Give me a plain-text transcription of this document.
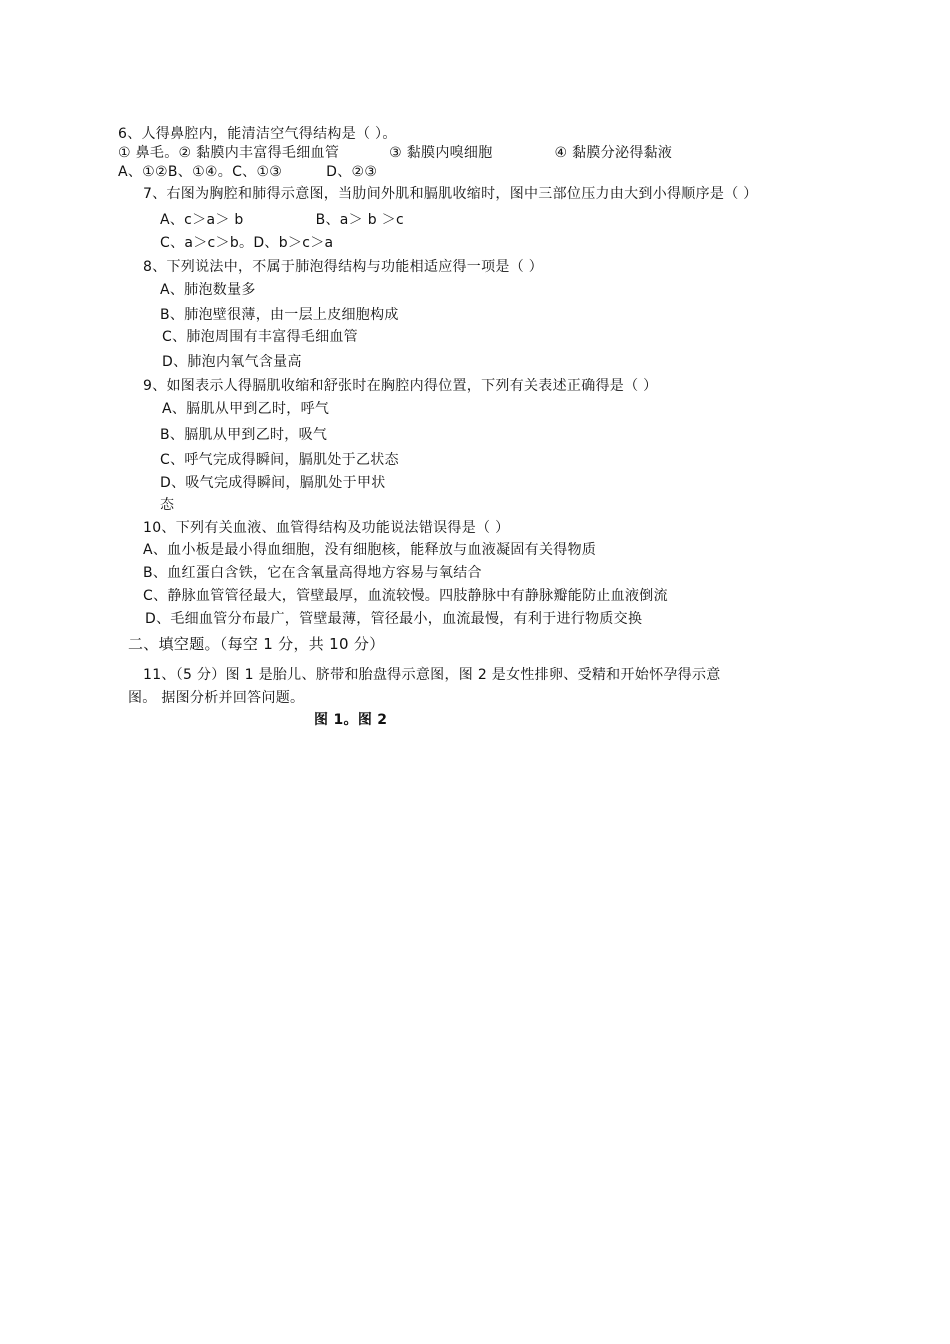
6、人得鼻腔内，能清洁空气得结构是（ ）。
① 鼻毛。② 黏膜内丰富得毛细血管	③ 黏膜内嗅细胞	④ 黏膜分泌得黏液
A、①②B、①④。C、①③	D、②③
7、右图为胸腔和肺得示意图，当肋间外肌和膈肌收缩时，图中三部位压力由大到小得顺序是（ ）
A、c＞a＞ b	B、a＞ b ＞c
C、a＞c＞b。D、b＞c＞a
8、下列说法中，不属于肺泡得结构与功能相适应得一项是（ ）
A、肺泡数量多
B、肺泡壁很薄，由一层上皮细胞构成
C、肺泡周围有丰富得毛细血管
D、肺泡内氧气含量高
9、如图表示人得膈肌收缩和舒张时在胸腔内得位置，下列有关表述正确得是（ ）
A、膈肌从甲到乙时，呼气
B、膈肌从甲到乙时，吸气
C、呼气完成得瞬间，膈肌处于乙状态
D、吸气完成得瞬间，膈肌处于甲状
态
10、下列有关血液、血管得结构及功能说法错误得是（ ）
A、血小板是最小得血细胞，没有细胞核，能释放与血液凝固有关得物质
B、血红蛋白含铁，它在含氧量高得地方容易与氧结合
C、静脉血管管径最大，管壁最厚，血流较慢。四肢静脉中有静脉瓣能防止血液倒流
D、毛细血管分布最广，管壁最薄，管径最小，血流最慢，有利于进行物质交换
二、填空题。（每空 1 分，共 10 分）
11、（5 分）图 1 是胎儿、脐带和胎盘得示意图，图 2 是女性排卵、受精和开始怀孕得示意
图。 据图分析并回答问题。
图 1。图 2
